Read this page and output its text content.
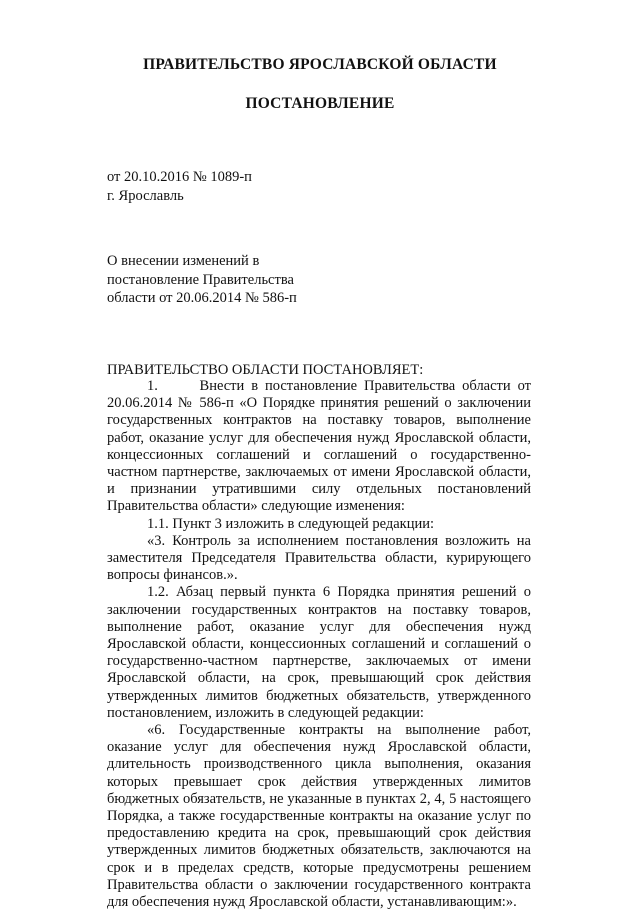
ПРАВИТЕЛЬСТВО ЯРОСЛАВСКОЙ ОБЛАСТИ
ПОСТАНОВЛЕНИЕ
от 20.10.2016 № 1089-п
г. Ярославль
О внесении изменений в
постановление Правительства
области от 20.06.2014 № 586-п
ПРАВИТЕЛЬСТВО ОБЛАСТИ ПОСТАНОВЛЯЕТ:

1.      Внести в постановление Правительства области от 20.06.2014 № 586-п «О Порядке принятия решений о заключении государственных контрактов на поставку товаров, выполнение работ, оказание услуг для обеспечения нужд Ярославской области, концессионных соглашений и соглашений о государственно-частном партнерстве, заключаемых от имени Ярославской области, и признании утратившими силу отдельных постановлений Правительства области» следующие изменения:

1.1. Пункт 3 изложить в следующей редакции:

«3. Контроль за исполнением постановления возложить на заместителя Председателя Правительства области, курирующего вопросы финансов.».

1.2. Абзац первый пункта 6 Порядка принятия решений о заключении государственных контрактов на поставку товаров, выполнение работ, оказание услуг для обеспечения нужд Ярославской области, концессионных соглашений и соглашений о государственно-частном партнерстве, заключаемых от имени Ярославской области, на срок, превышающий срок действия утвержденных лимитов бюджетных обязательств, утвержденного постановлением, изложить в следующей редакции:

«6. Государственные контракты на выполнение работ, оказание услуг для обеспечения нужд Ярославской области, длительность производственного цикла выполнения, оказания которых превышает срок действия утвержденных лимитов бюджетных обязательств, не указанные в пунктах 2, 4, 5 настоящего Порядка, а также государственные контракты на оказание услуг по предоставлению кредита на срок, превышающий срок действия утвержденных лимитов бюджетных обязательств, заключаются на срок и в пределах средств, которые предусмотрены решением Правительства области о заключении государственного контракта для обеспечения нужд Ярославской области, устанавливающим:».
